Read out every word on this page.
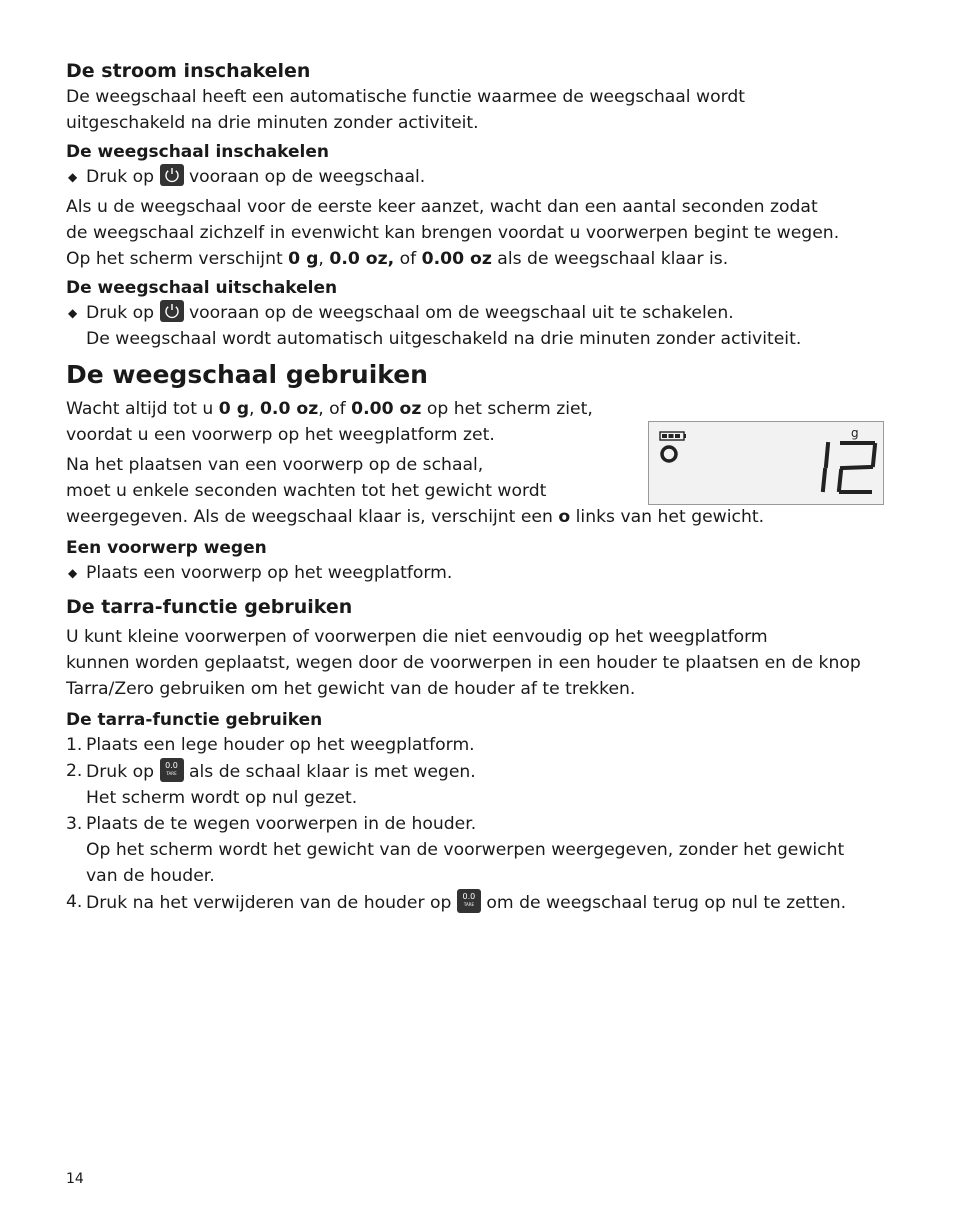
De stroom inschakelen

De weegschaal heeft een automatische functie waarmee de weegschaal wordt
uitgeschakeld na drie minuten zonder activiteit.

De weegschaal inschakelen

◆ Druk op vooraan op de weegschaal.

Als u de weegschaal voor de eerste keer aanzet, wacht dan een aantal seconden zodat
de weegschaal zichzelf in evenwicht kan brengen voordat u voorwerpen begint te wegen.
Op het scherm verschijnt 0 g, 0.0 oz, of 0.00 oz als de weegschaal klaar is.

De weegschaal uitschakelen

◆ Druk op vooraan op de weegschaal om de weegschaal uit te schakelen.

De weegschaal wordt automatisch uitgeschakeld na drie minuten zonder activiteit.

De weegschaal gebruiken

Wacht altijd tot u 0 g, 0.0 oz, of 0.00 oz op het scherm ziet,
voordat u een voorwerp op het weegplatform zet.

Na het plaatsen van een voorwerp op de schaal,
moet u enkele seconden wachten tot het gewicht wordt
weergegeven. Als de weegschaal klaar is, verschijnt een o links van het gewicht.

Een voorwerp wegen

◆ Plaats een voorwerp op het weegplatform.

De tarra-functie gebruiken

U kunt kleine voorwerpen of voorwerpen die niet eenvoudig op het weegplatform
kunnen worden geplaatst, wegen door de voorwerpen in een houder te plaatsen en de knop
Tarra/Zero gebruiken om het gewicht van de houder af te trekken.

De tarra-functie gebruiken

1. Plaats een lege houder op het weegplatform.

2. Druk op	0.0
TARE als de schaal klaar is met wegen.
Het scherm wordt op nul gezet.

3. Plaats de te wegen voorwerpen in de houder.
Op het scherm wordt het gewicht van de voorwerpen weergegeven, zonder het gewicht
van de houder.

4. Druk na het verwijderen van de houder op	0.0
TARE om de weegschaal terug op nul te zetten.

g
14
